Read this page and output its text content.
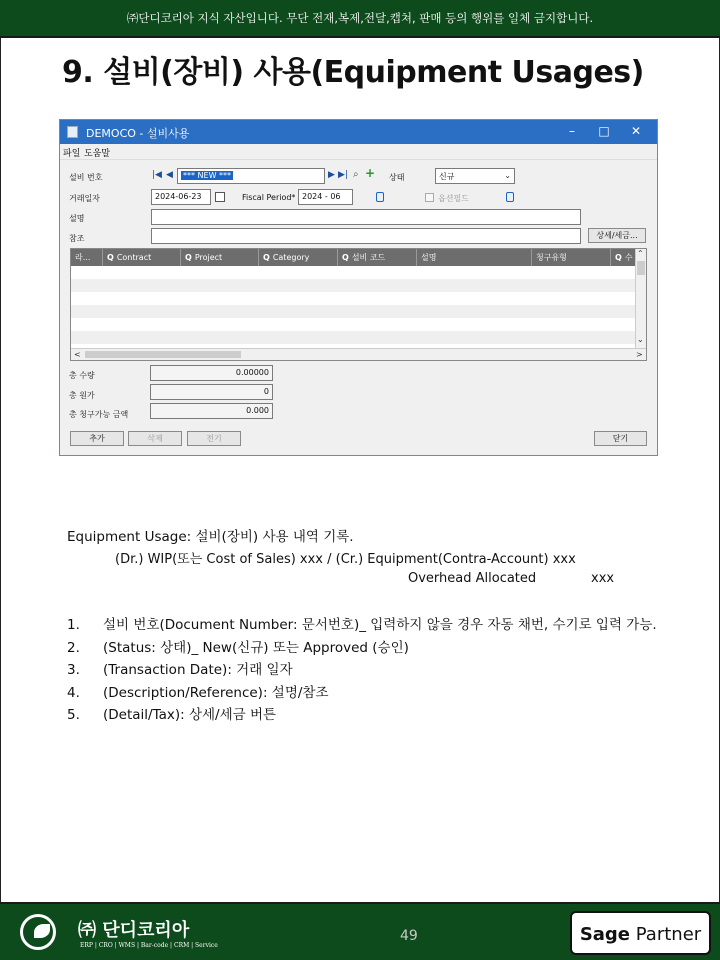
㈜단디코리아 지식 자산입니다. 무단 전재,복제,전달,캡쳐, 판매 등의 행위를 일체 금지합니다.
9. 설비(장비) 사용(Equipment Usages)
DEMOCO - 설비사용	–	□	✕
파일 도움말
설비 번호	|◀ ◀	*** NEW ***	▶ ▶| ⌕ + 상태	신규	⌄
거래일자	2024-06-23	Fiscal Period* 2024 - 06	옵션필드
설명
참조	상세/세금...
라...	Q Contract	Q Project	Q Category	Q 설비 코드	설명	청구유형	Q 수 ⌃
⌄
<	>
총 수량	0.00000
총 원가	0
총 청구가능 금액	0.000
추가	삭제	전기	닫기
Equipment Usage: 설비(장비) 사용 내역 기록.
(Dr.) WIP(또는 Cost of Sales) xxx / (Cr.) Equipment(Contra-Account) xxx
Overhead Allocated	xxx
1. 설비 번호(Document Number: 문서번호)_ 입력하지 않을 경우 자동 채번, 수기로 입력 가능.
2. (Status: 상태)_ New(신규) 또는 Approved (승인)
3. (Transaction Date): 거래 일자
4. (Description/Reference): 설명/참조
5. (Detail/Tax): 상세/세금 버튼
㈜ 단디코리아
ERP | CRO | WMS | Bar-code | CRM | Service
49	Sage Partner
